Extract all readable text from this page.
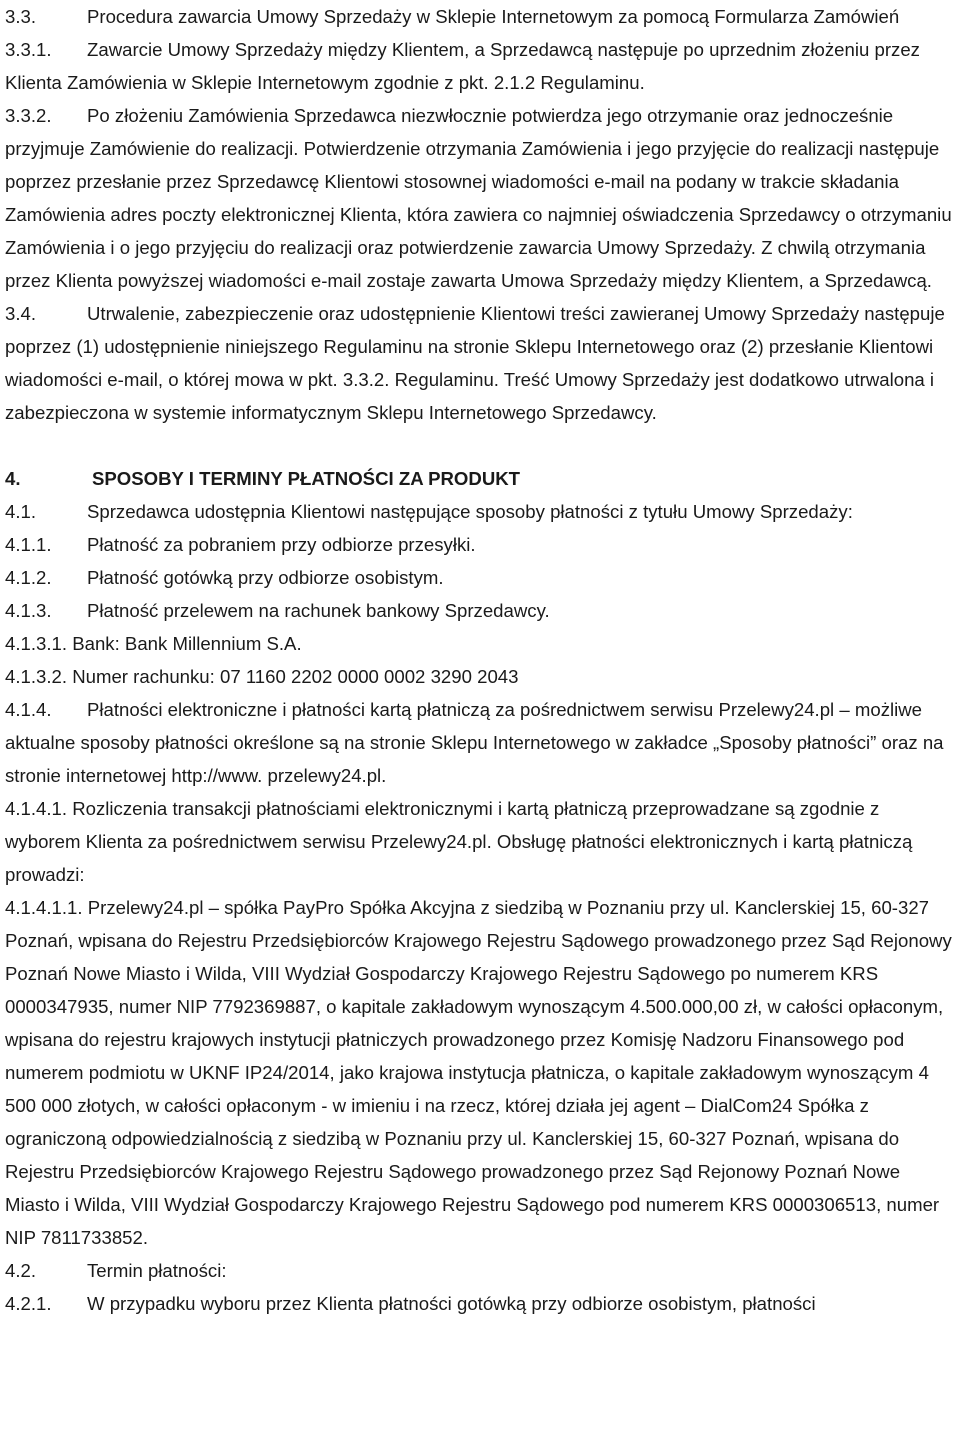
3.3.	Procedura zawarcia Umowy Sprzedaży w Sklepie Internetowym za pomocą Formularza Zamówień

3.3.1. Zawarcie Umowy Sprzedaży między Klientem, a Sprzedawcą następuje po uprzednim złożeniu przez Klienta Zamówienia w Sklepie Internetowym zgodnie z pkt. 2.1.2 Regulaminu.

3.3.2. Po złożeniu Zamówienia Sprzedawca niezwłocznie potwierdza jego otrzymanie oraz jednocześnie przyjmuje Zamówienie do realizacji. Potwierdzenie otrzymania Zamówienia i jego przyjęcie do realizacji następuje poprzez przesłanie przez Sprzedawcę Klientowi stosownej wiadomości e-mail na podany w trakcie składania Zamówienia adres poczty elektronicznej Klienta, która zawiera co najmniej oświadczenia Sprzedawcy o otrzymaniu Zamówienia i o jego przyjęciu do realizacji oraz potwierdzenie zawarcia Umowy Sprzedaży. Z chwilą otrzymania przez Klienta powyższej wiadomości e-mail zostaje zawarta Umowa Sprzedaży między Klientem, a Sprzedawcą.

3.4.	Utrwalenie, zabezpieczenie oraz udostępnienie Klientowi treści zawieranej Umowy Sprzedaży następuje poprzez (1) udostępnienie niniejszego Regulaminu na stronie Sklepu Internetowego oraz (2) przesłanie Klientowi wiadomości e-mail, o której mowa w pkt. 3.3.2. Regulaminu. Treść Umowy Sprzedaży jest dodatkowo utrwalona i zabezpieczona w systemie informatycznym Sklepu Internetowego Sprzedawcy.

4.	SPOSOBY I TERMINY PŁATNOŚCI ZA PRODUKT

4.1.	Sprzedawca udostępnia Klientowi następujące sposoby płatności z tytułu Umowy Sprzedaży:

4.1.1. Płatność za pobraniem przy odbiorze przesyłki.

4.1.2. Płatność gotówką przy odbiorze osobistym.

4.1.3. Płatność przelewem na rachunek bankowy Sprzedawcy.

4.1.3.1. Bank: Bank Millennium S.A.

4.1.3.2. Numer rachunku: 07 1160 2202 0000 0002 3290 2043

4.1.4. Płatności elektroniczne i płatności kartą płatniczą za pośrednictwem serwisu Przelewy24.pl – możliwe aktualne sposoby płatności określone są na stronie Sklepu Internetowego w zakładce „Sposoby płatności” oraz na stronie internetowej http://www. przelewy24.pl.

4.1.4.1. Rozliczenia transakcji płatnościami elektronicznymi i kartą płatniczą przeprowadzane są zgodnie z wyborem Klienta za pośrednictwem serwisu Przelewy24.pl. Obsługę płatności elektronicznych i kartą płatniczą prowadzi:

4.1.4.1.1. Przelewy24.pl – spółka PayPro Spółka Akcyjna z siedzibą w Poznaniu przy ul. Kanclerskiej 15, 60-327 Poznań, wpisana do Rejestru Przedsiębiorców Krajowego Rejestru Sądowego prowadzonego przez Sąd Rejonowy Poznań Nowe Miasto i Wilda, VIII Wydział Gospodarczy Krajowego Rejestru Sądowego po numerem KRS 0000347935, numer NIP 7792369887, o kapitale zakładowym wynoszącym 4.500.000,00 zł, w całości opłaconym, wpisana do rejestru krajowych instytucji płatniczych prowadzonego przez Komisję Nadzoru Finansowego pod numerem podmiotu w UKNF IP24/2014, jako krajowa instytucja płatnicza, o kapitale zakładowym wynoszącym 4 500 000 złotych, w całości opłaconym - w imieniu i na rzecz, której działa jej agent – DialCom24 Spółka z ograniczoną odpowiedzialnością z siedzibą w Poznaniu przy ul. Kanclerskiej 15, 60-327 Poznań, wpisana do Rejestru Przedsiębiorców Krajowego Rejestru Sądowego prowadzonego przez Sąd Rejonowy Poznań Nowe Miasto i Wilda, VIII Wydział Gospodarczy Krajowego Rejestru Sądowego pod numerem KRS 0000306513, numer NIP 7811733852.

4.2.	Termin płatności:

4.2.1. W przypadku wyboru przez Klienta płatności gotówką przy odbiorze osobistym, płatności
